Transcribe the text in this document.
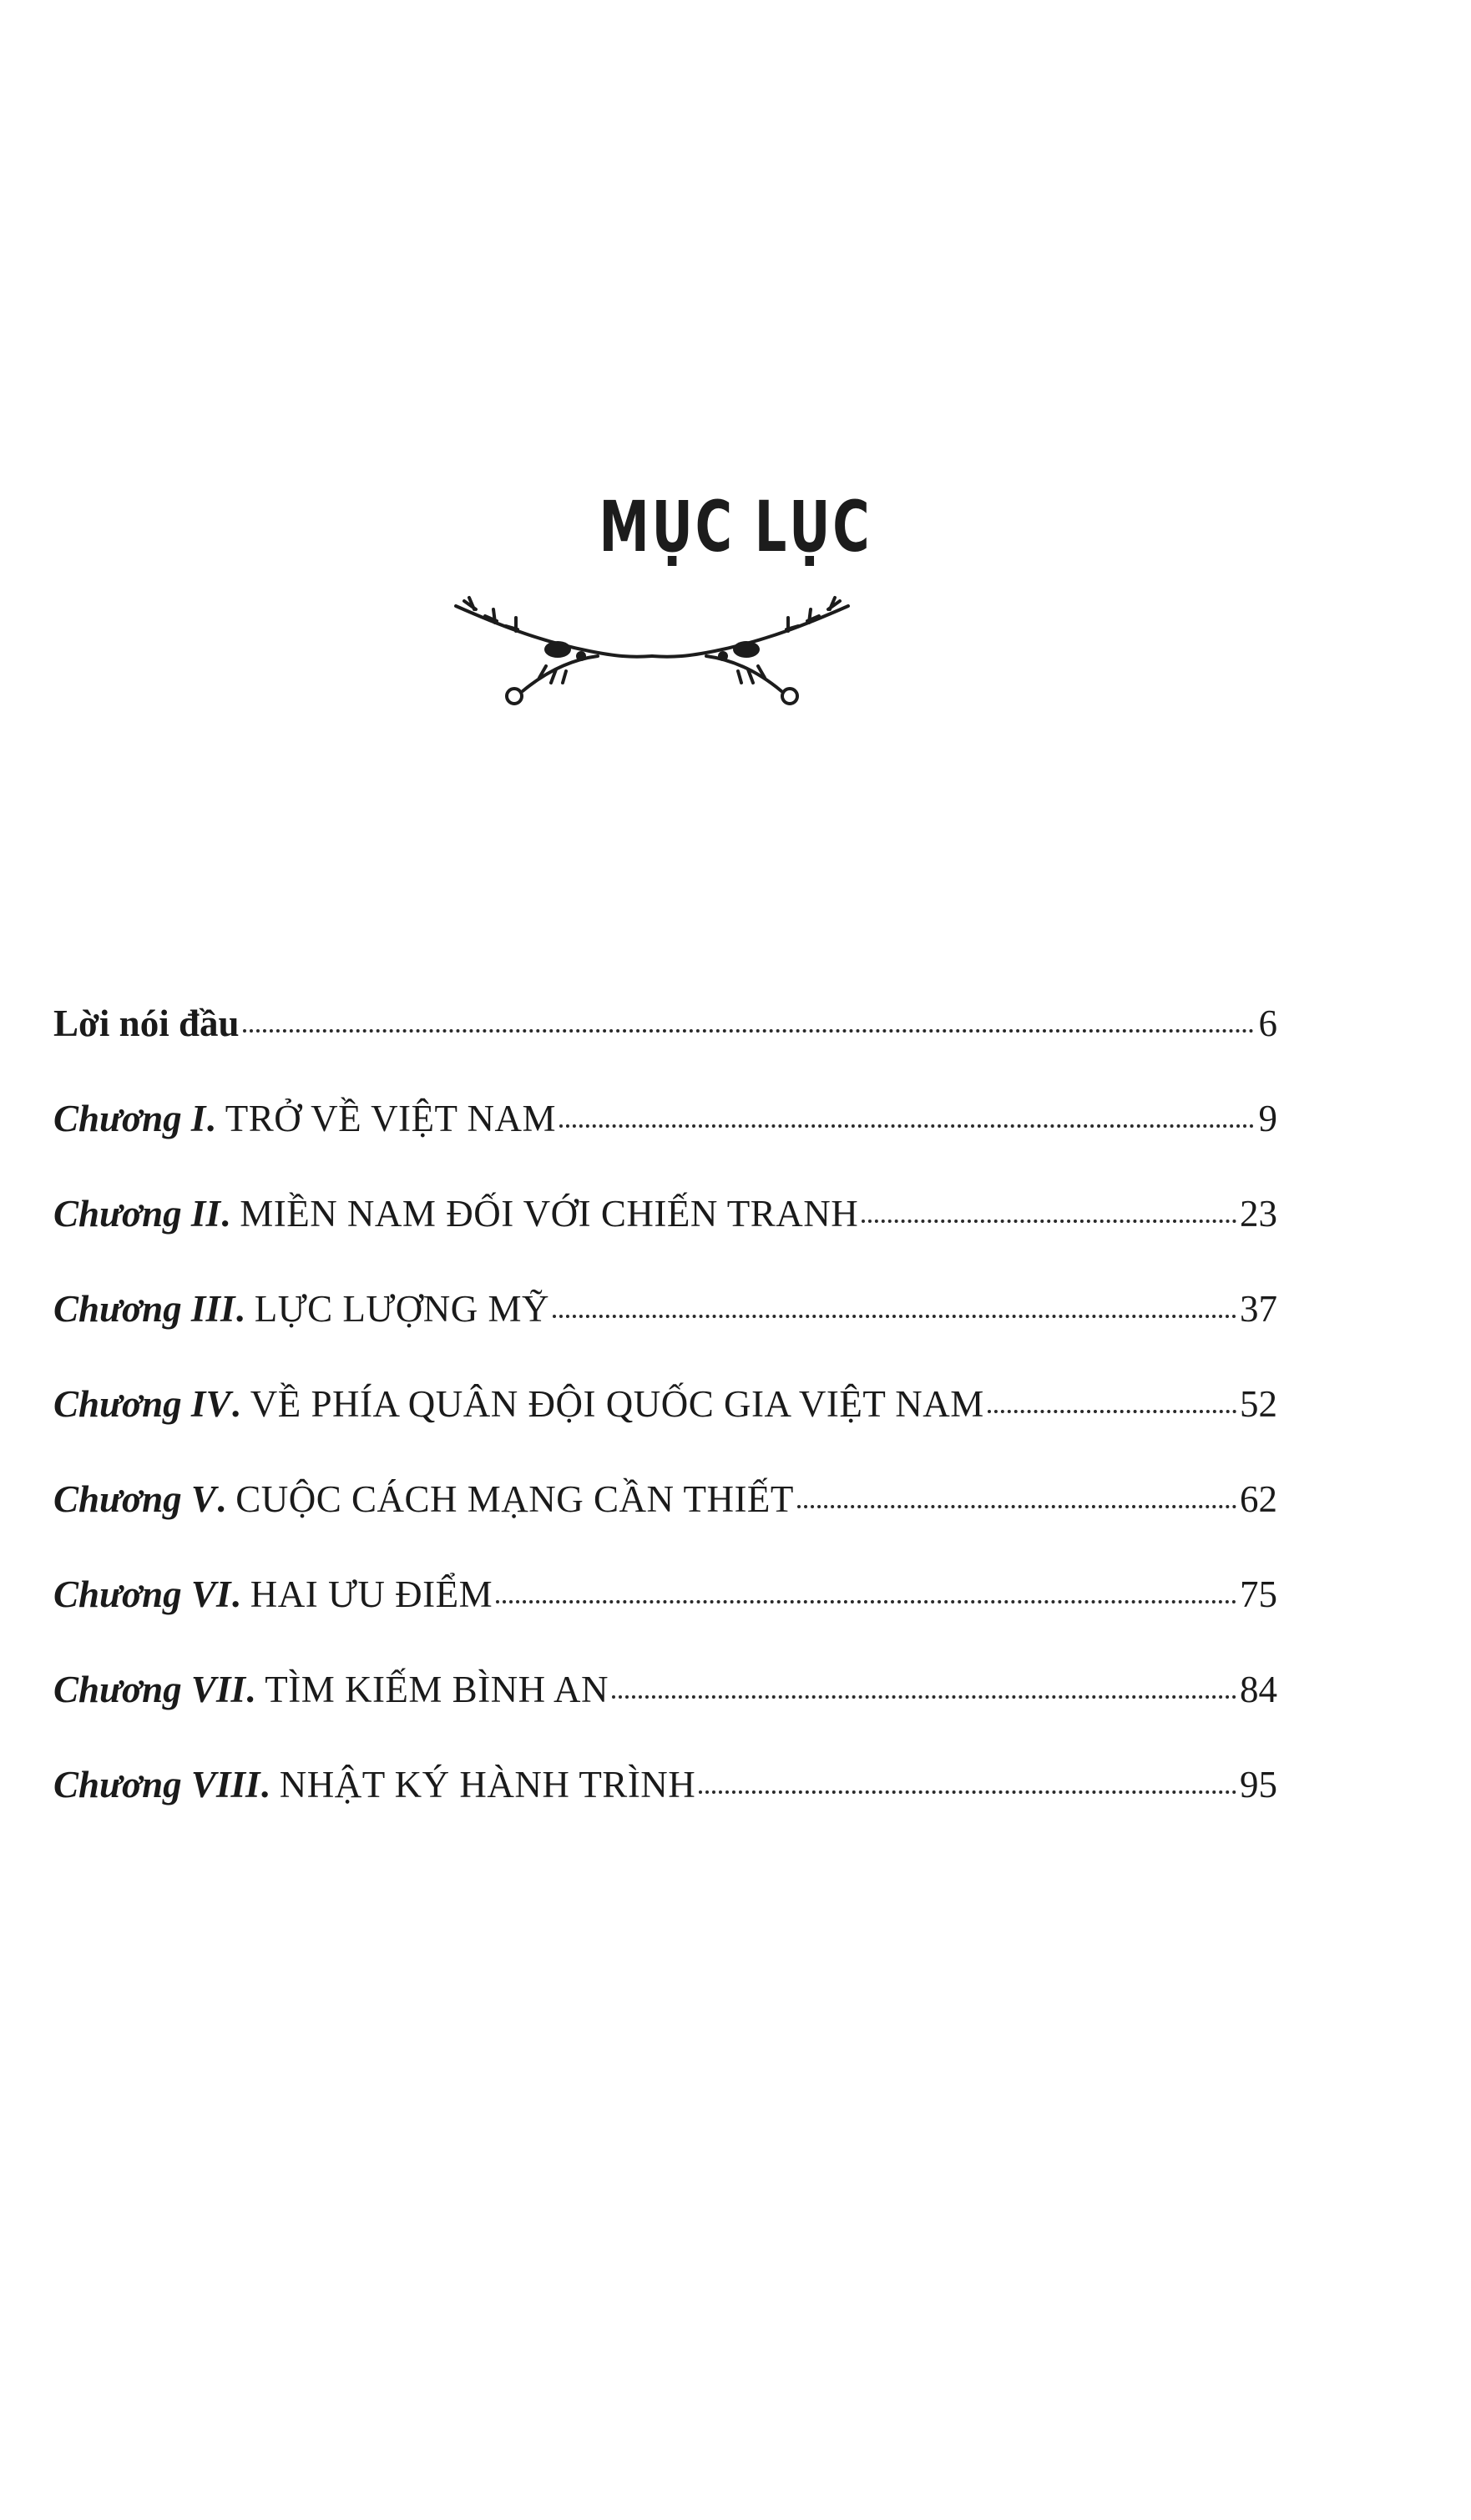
MỤC LỤC
Lời nói đầu	6
Chương I . TRỞ VỀ VIỆT NAM	9
Chương II . MIỀN NAM ĐỐI VỚI CHIẾN TRANH	23
Chương III . LỰC LƯỢNG MỸ	37
Chương IV . VỀ PHÍA QUÂN ĐỘI QUỐC GIA VIỆT NAM	52
Chương V . CUỘC CÁCH MẠNG CẦN THIẾT	62
Chương VI . HAI ƯU ĐIỂM	75
Chương VII . TÌM KIẾM BÌNH AN	84
Chương VIII . NHẬT KÝ HÀNH TRÌNH	95
